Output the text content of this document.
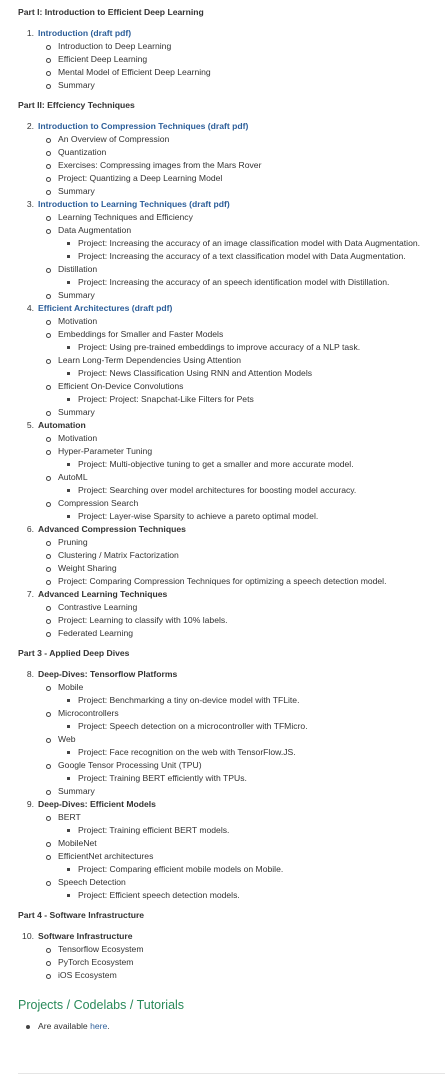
Part I: Introduction to Efficient Deep Learning
1. Introduction (draft pdf)
Introduction to Deep Learning
Efficient Deep Learning
Mental Model of Efficient Deep Learning
Summary
Part II: Effciency Techniques
2. Introduction to Compression Techniques (draft pdf)
An Overview of Compression
Quantization
Exercises: Compressing images from the Mars Rover
Project: Quantizing a Deep Learning Model
Summary
3. Introduction to Learning Techniques (draft pdf)
Learning Techniques and Efficiency
Data Augmentation
Project: Increasing the accuracy of an image classification model with Data Augmentation.
Project: Increasing the accuracy of a text classification model with Data Augmentation.
Distillation
Project: Increasing the accuracy of an speech identification model with Distillation.
Summary
4. Efficient Architectures (draft pdf)
Motivation
Embeddings for Smaller and Faster Models
Project: Using pre-trained embeddings to improve accuracy of a NLP task.
Learn Long-Term Dependencies Using Attention
Project: News Classification Using RNN and Attention Models
Efficient On-Device Convolutions
Project: Project: Snapchat-Like Filters for Pets
Summary
5. Automation
Motivation
Hyper-Parameter Tuning
Project: Multi-objective tuning to get a smaller and more accurate model.
AutoML
Project: Searching over model architectures for boosting model accuracy.
Compression Search
Project: Layer-wise Sparsity to achieve a pareto optimal model.
6. Advanced Compression Techniques
Pruning
Clustering / Matrix Factorization
Weight Sharing
Project: Comparing Compression Techniques for optimizing a speech detection model.
7. Advanced Learning Techniques
Contrastive Learning
Project: Learning to classify with 10% labels.
Federated Learning
Part 3 - Applied Deep Dives
8. Deep-Dives: Tensorflow Platforms
Mobile
Project: Benchmarking a tiny on-device model with TFLite.
Microcontrollers
Project: Speech detection on a microcontroller with TFMicro.
Web
Project: Face recognition on the web with TensorFlow.JS.
Google Tensor Processing Unit (TPU)
Project: Training BERT efficiently with TPUs.
Summary
9. Deep-Dives: Efficient Models
BERT
Project: Training efficient BERT models.
MobileNet
EfficientNet architectures
Project: Comparing efficient mobile models on Mobile.
Speech Detection
Project: Efficient speech detection models.
Part 4 - Software Infrastructure
10. Software Infrastructure
Tensorflow Ecosystem
PyTorch Ecosystem
iOS Ecosystem
Projects / Codelabs / Tutorials
Are available here.
